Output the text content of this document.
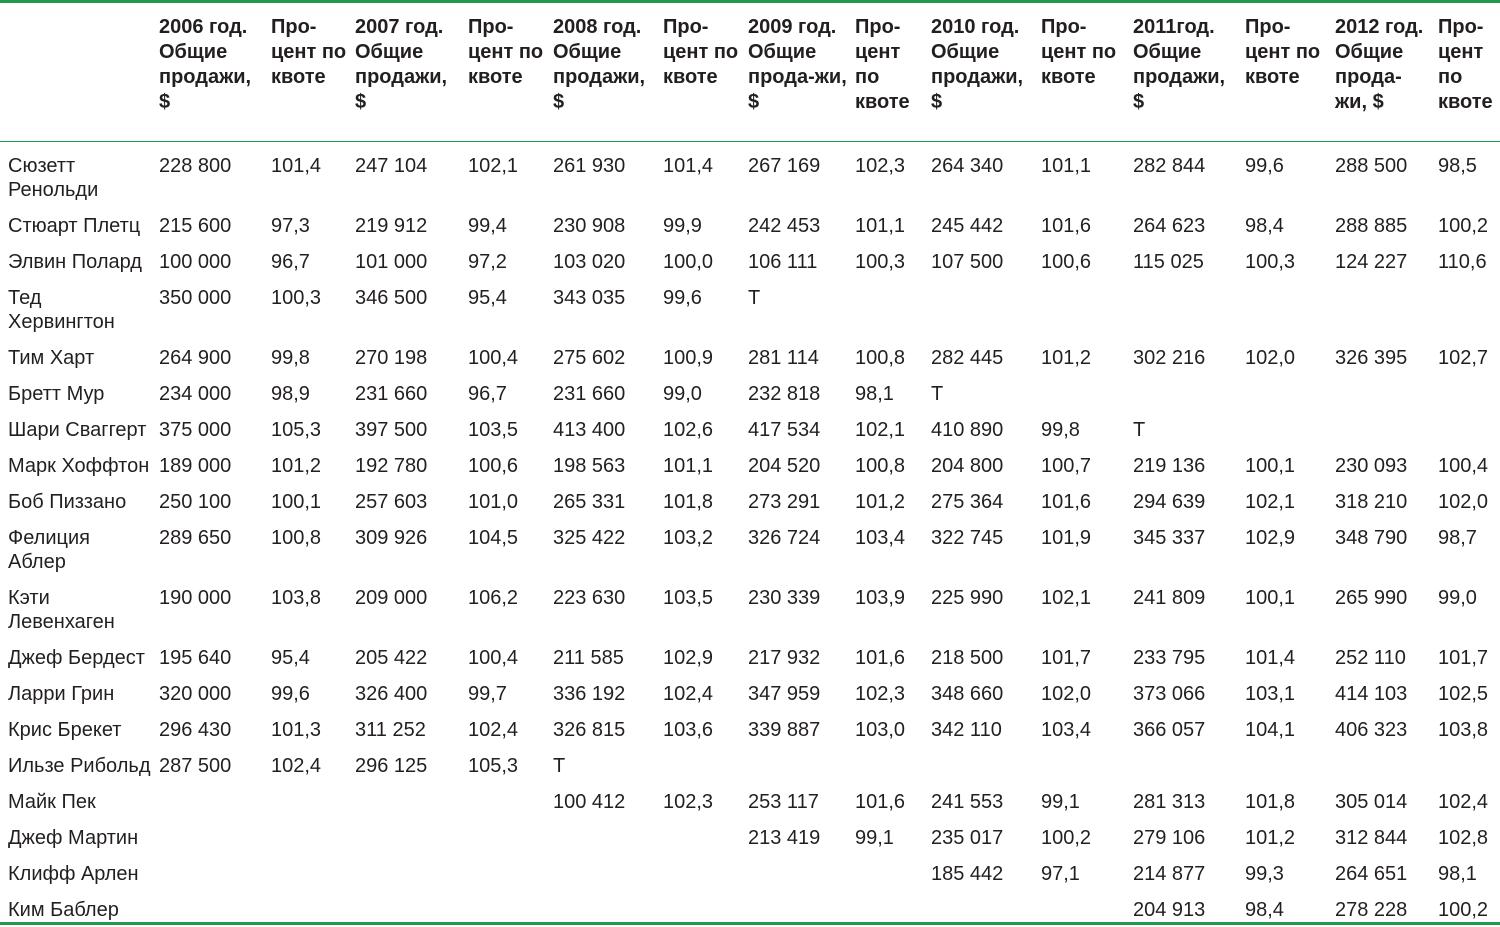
	2006 год. Общие продажи, $	Про-цент по квоте	2007 год. Общие продажи, $	Про-цент по квоте	2008 год. Общие продажи, $	Про-цент по квоте	2009 год. Общие прода-жи, $	Про-цент по квоте	2010 год. Общие продажи, $	Про-цент по квоте	2011год. Общие продажи, $	Про-цент по квоте	2012 год. Общие прода-жи, $	Про-цент по квоте
Сюзетт Ренольди	228 800	101,4	247 104	102,1	261 930	101,4	267 169	102,3	264 340	101,1	282 844	99,6	288 500	98,5
Стюарт Плетц	215 600	97,3	219 912	99,4	230 908	99,9	242 453	101,1	245 442	101,6	264 623	98,4	288 885	100,2
Элвин Полард	100 000	96,7	101 000	97,2	103 020	100,0	106 111	100,3	107 500	100,6	115 025	100,3	124 227	110,6
Тед Хервингтон	350 000	100,3	346 500	95,4	343 035	99,6	Т							
Тим Харт	264 900	99,8	270 198	100,4	275 602	100,9	281 114	100,8	282 445	101,2	302 216	102,0	326 395	102,7
Бретт Мур	234 000	98,9	231 660	96,7	231 660	99,0	232 818	98,1	Т					
Шари Сваггерт	375 000	105,3	397 500	103,5	413 400	102,6	417 534	102,1	410 890	99,8	Т			
Марк Хоффтон	189 000	101,2	192 780	100,6	198 563	101,1	204 520	100,8	204 800	100,7	219 136	100,1	230 093	100,4
Боб Пиззано	250 100	100,1	257 603	101,0	265 331	101,8	273 291	101,2	275 364	101,6	294 639	102,1	318 210	102,0
Фелиция Аблер	289 650	100,8	309 926	104,5	325 422	103,2	326 724	103,4	322 745	101,9	345 337	102,9	348 790	98,7
Кэти Левенхаген	190 000	103,8	209 000	106,2	223 630	103,5	230 339	103,9	225 990	102,1	241 809	100,1	265 990	99,0
Джеф Бердест	195 640	95,4	205 422	100,4	211 585	102,9	217 932	101,6	218 500	101,7	233 795	101,4	252 110	101,7
Ларри Грин	320 000	99,6	326 400	99,7	336 192	102,4	347 959	102,3	348 660	102,0	373 066	103,1	414 103	102,5
Крис Брекет	296 430	101,3	311 252	102,4	326 815	103,6	339 887	103,0	342 110	103,4	366 057	104,1	406 323	103,8
Ильзе Рибольд	287 500	102,4	296 125	105,3	Т									
Майк Пек					100 412	102,3	253 117	101,6	241 553	99,1	281 313	101,8	305 014	102,4
Джеф Мартин							213 419	99,1	235 017	100,2	279 106	101,2	312 844	102,8
Клифф Арлен									185 442	97,1	214 877	99,3	264 651	98,1
Ким Баблер											204 913	98,4	278 228	100,2
